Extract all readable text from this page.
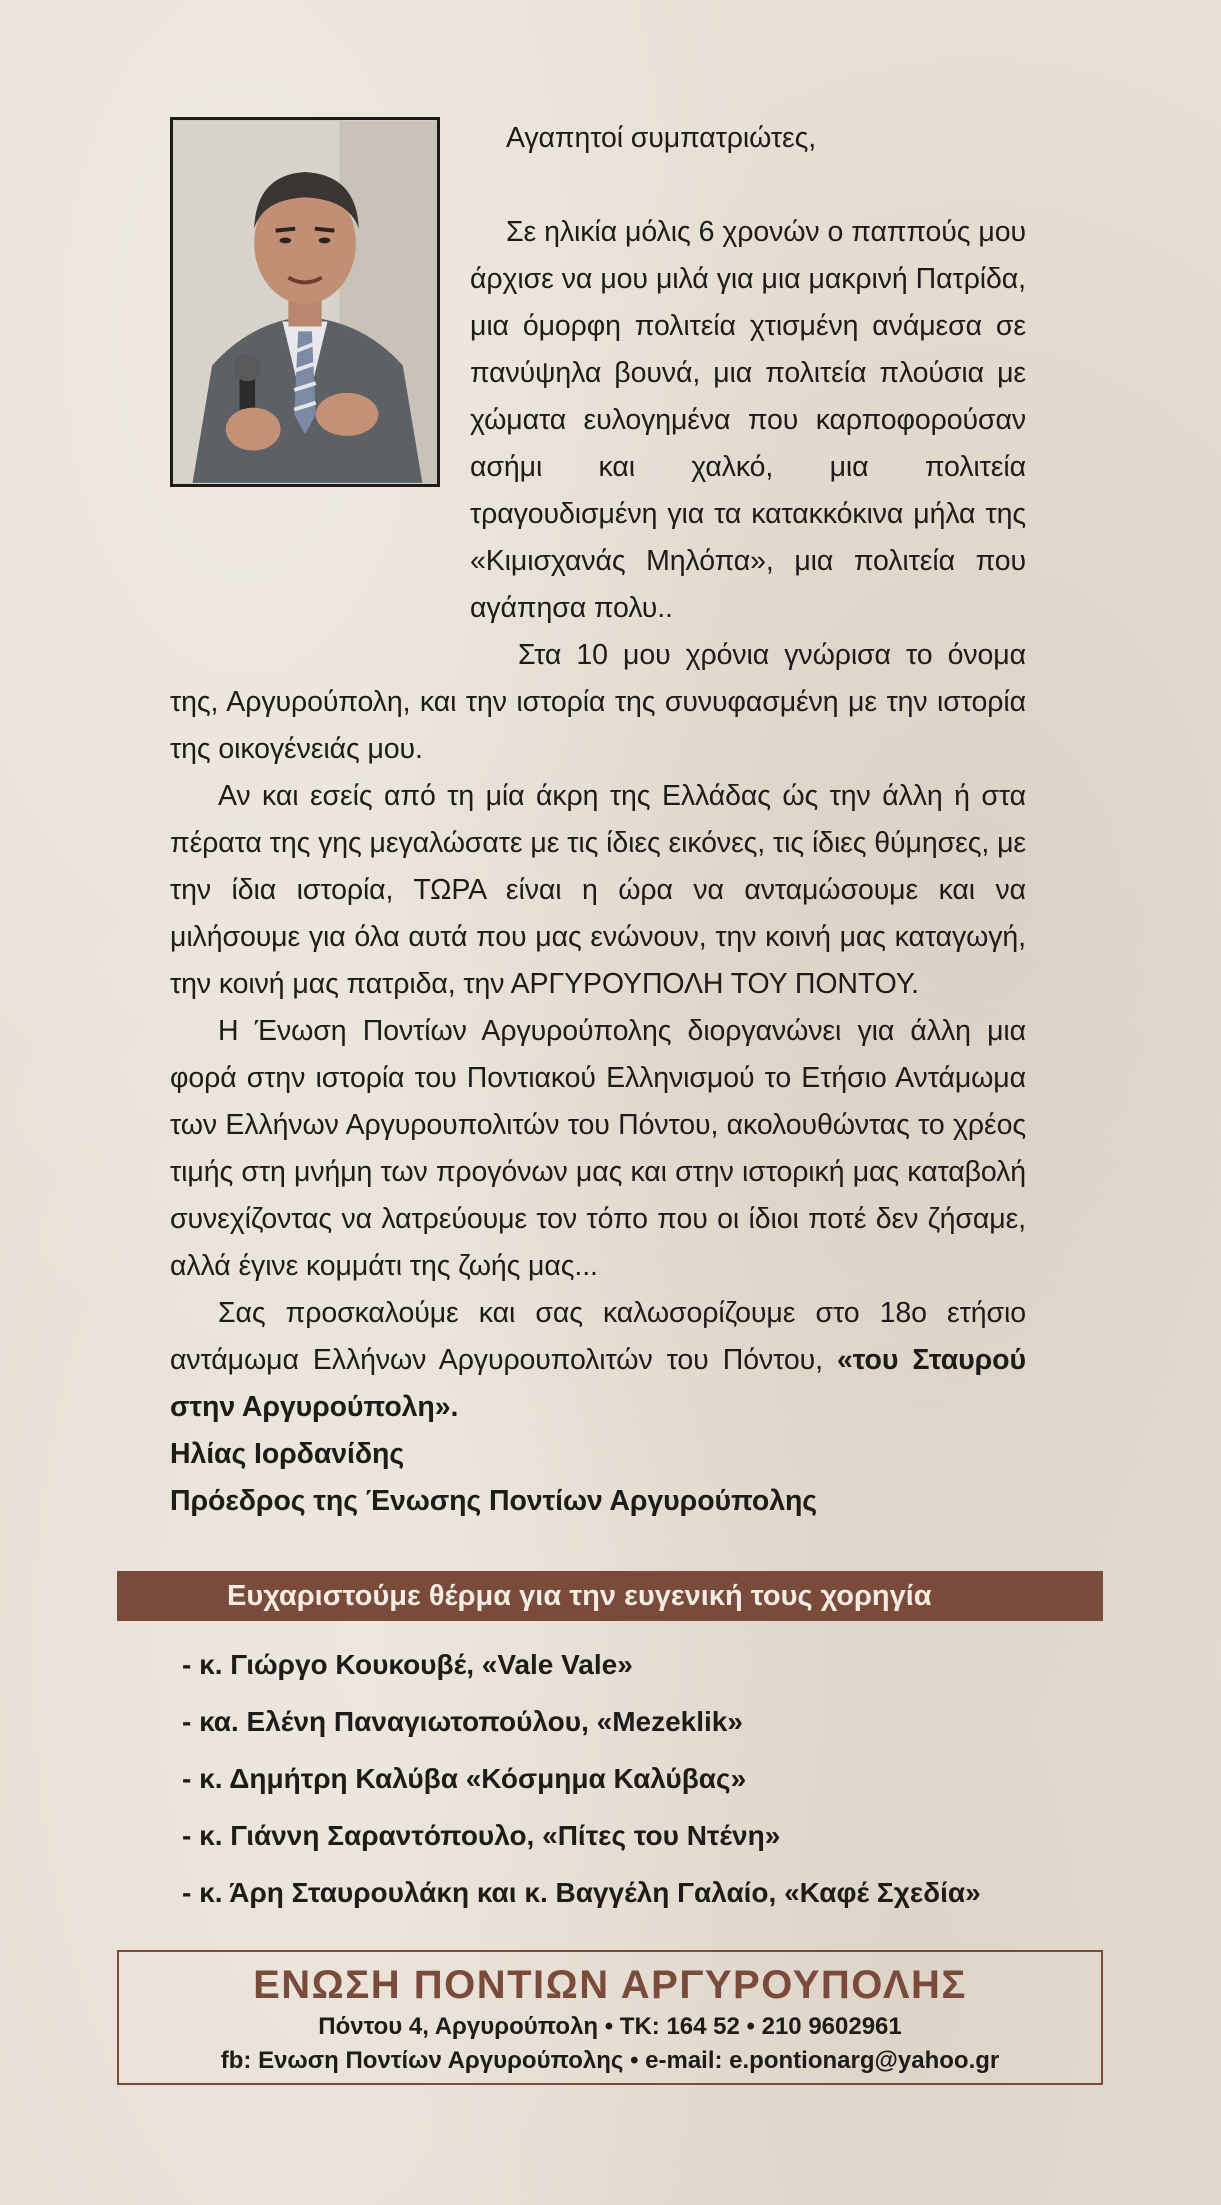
Αγαπητοί συμπατριώτες,

Σε ηλικία μόλις 6 χρονών ο παππούς μου άρχισε να μου μιλά για μια μακρινή Πατρίδα, μια όμορφη πολιτεία χτισμένη ανάμεσα σε πανύψηλα βουνά, μια πολιτεία πλούσια με χώματα ευλογημένα που καρποφορούσαν ασήμι και χαλκό, μια πολιτεία τραγουδισμένη για τα κατακκόκινα μήλα της «Κιμισχανάς Μηλόπα», μια πολιτεία που αγάπησα πολυ..

Στα 10 μου χρόνια γνώρισα το όνομα της, Αργυρούπολη, και την ιστορία της συνυφασμένη με την ιστορία της οικογένειάς μου.

Αν και εσείς από τη μία άκρη της Ελλάδας ώς την άλλη ή στα πέρατα της γης μεγαλώσατε με τις ίδιες εικόνες, τις ίδιες θύμησες, με την ίδια ιστορία, ΤΩΡΑ είναι η ώρα να ανταμώσουμε και να μιλήσουμε για όλα αυτά που μας ενώνουν, την κοινή μας καταγωγή, την κοινή μας πατριδα, την ΑΡΓΥΡΟΥΠΟΛΗ ΤΟΥ ΠΟΝΤΟΥ.

Η Ένωση Ποντίων Αργυρούπολης διοργανώνει για άλλη μια φορά στην ιστορία του Ποντιακού Ελληνισμού το Ετήσιο Αντάμωμα των Ελλήνων Αργυρουπολιτών του Πόντου, ακολουθώντας το χρέος τιμής στη μνήμη των προγόνων μας και στην ιστορική μας καταβολή συνεχίζοντας να λατρεύουμε τον τόπο που οι ίδιοι ποτέ δεν ζήσαμε, αλλά έγινε κομμάτι της ζωής μας...

Σας προσκαλούμε και σας καλωσορίζουμε στο 18ο ετήσιο αντάμωμα Ελλήνων Αργυρουπολιτών του Πόντου, «του Σταυρού στην Αργυρούπολη».

Ηλίας Ιορδανίδης

Πρόεδρος της Ένωσης Ποντίων Αργυρούπολης

Ευχαριστούμε θέρμα για την ευγενική τους χορηγία
- κ. Γιώργο Κουκουβέ, «Vale Vale»
- κα. Ελένη Παναγιωτοπούλου, «Mezeklik»
- κ. Δημήτρη Καλύβα «Κόσμημα Καλύβας»
- κ. Γιάννη Σαραντόπουλο, «Πίτες του Ντένη»
- κ. Άρη Σταυρουλάκη και κ. Βαγγέλη Γαλαίο, «Καφέ Σχεδία»
ΕΝΩΣΗ ΠΟΝΤΙΩΝ ΑΡΓΥΡΟΥΠΟΛΗΣ
Πόντου 4, Αργυρούπολη • ΤΚ: 164 52 • 210 9602961
fb: Ενωση Ποντίων Αργυρούπολης • e-mail: e.pontionarg@yahoo.gr
